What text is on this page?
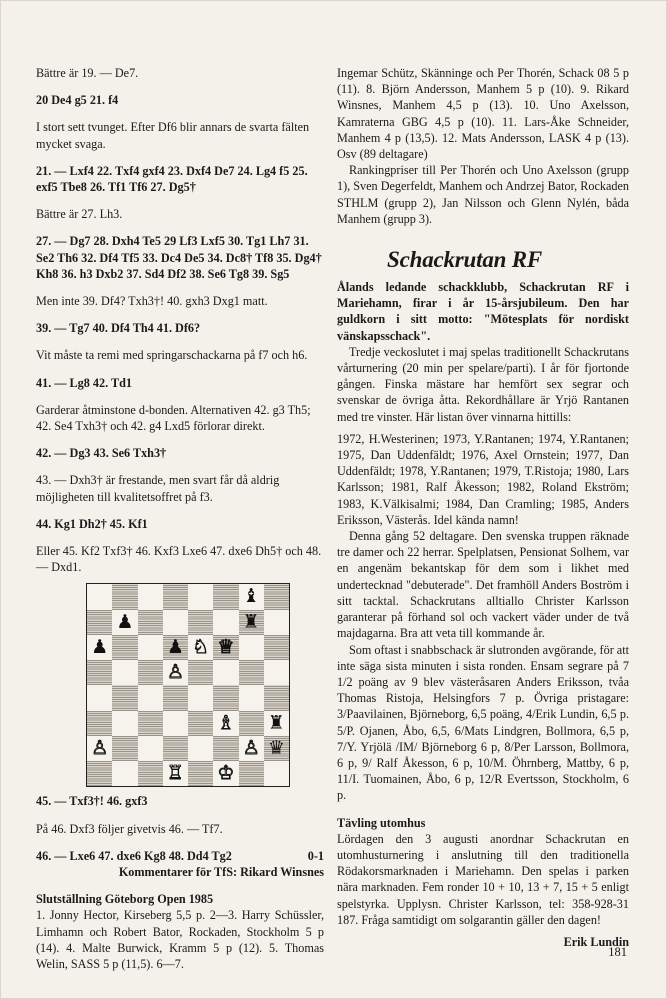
Bättre är 19. — De7.

20 De4 g5 21. f4

I stort sett tvunget. Efter Df6 blir annars de svarta fälten mycket svaga.

21. — Lxf4 22. Txf4 gxf4 23. Dxf4 De7 24. Lg4 f5 25. exf5 Tbe8 26. Tf1 Tf6 27. Dg5†

Bättre är 27. Lh3.

27. — Dg7 28. Dxh4 Te5 29 Lf3 Lxf5 30. Tg1 Lh7 31. Se2 Th6 32. Df4 Tf5 33. Dc4 De5 34. Dc8† Tf8 35. Dg4† Kh8 36. h3 Dxb2 37. Sd4 Df2 38. Se6 Tg8 39. Sg5

Men inte 39. Df4? Txh3†! 40. gxh3 Dxg1 matt.

39. — Tg7 40. Df4 Th4 41. Df6?

Vit måste ta remi med springarschackarna på f7 och h6.

41. — Lg8 42. Td1

Garderar åtminstone d-bonden. Alternativen 42. g3 Th5; 42. Se4 Txh3† och 42. g4 Lxd5 förlorar direkt.

42. — Dg3 43. Se6 Txh3†

43. — Dxh3† är frestande, men svart får då aldrig möjligheten till kvalitetsoffret på f3.

44. Kg1 Dh2† 45. Kf1

Eller 45. Kf2 Txf3† 46. Kxf3 Lxe6 47. dxe6 Dh5† och 48. — Dxd1.

♝
♟	♜
♟	♟ ♘ ♕
♙
♗ ♜
♙	♙ ♛
♖ ♔

45. — Txf3†! 46. gxf3

På 46. Dxf3 följer givetvis 46. — Tf7.

46. — Lxe6 47. dxe6 Kg8 48. Dd4 Tg2	0-1

Kommentarer för TfS: Rikard Winsnes

Slutställning Göteborg Open 1985

1. Jonny Hector, Kirseberg 5,5 p. 2—3. Harry Schüssler, Limhamn och Robert Bator, Rockaden, Stockholm 5 p (14). 4. Malte Burwick, Kramm 5 p (12). 5. Thomas Welin, SASS 5 p (11,5). 6—7.

Ingemar Schütz, Skänninge och Per Thorén, Schack 08 5 p (11). 8. Björn Andersson, Manhem 5 p (10). 9. Rikard Winsnes, Manhem 4,5 p (13). 10. Uno Axelsson, Kamraterna GBG 4,5 p (10). 11. Lars-Åke Schneider, Manhem 4 p (13,5). 12. Mats Andersson, LASK 4 p (13). Osv (89 deltagare)

Rankingpriser till Per Thorén och Uno Axelsson (grupp 1), Sven Degerfeldt, Manhem och Andrzej Bator, Rockaden STHLM (grupp 2), Jan Nilsson och Glenn Nylén, båda Manhem (grupp 3).

Schackrutan RF

Ålands ledande schackklubb, Schackrutan RF i Mariehamn, firar i år 15-årsjubileum. Den har guldkorn i sitt motto: "Mötesplats för nordiskt vänskapsschack".

Tredje veckoslutet i maj spelas traditionellt Schackrutans vårturnering (20 min per spelare/parti). I år för fjortonde gången. Finska mästare har hemfört sex segrar och svenskar de övriga åtta. Rekordhållare är Yrjö Rantanen med tre vinster. Här listan över vinnarna hittills:

1972, H.Westerinen; 1973, Y.Rantanen; 1974, Y.Rantanen; 1975, Dan Uddenfäldt; 1976, Axel Ornstein; 1977, Dan Uddenfäldt; 1978, Y.Rantanen; 1979, T.Ristoja; 1980, Lars Karlsson; 1981, Ralf Åkesson; 1982, Roland Ekström; 1983, K.Välkisalmi; 1984, Dan Cramling; 1985, Anders Eriksson, Västerås. Idel kända namn!

Denna gång 52 deltagare. Den svenska truppen räknade tre damer och 22 herrar. Spelplatsen, Pensionat Solhem, var en angenäm bekantskap för dem som i likhet med undertecknad "debuterade". Det framhöll Anders Boström i sitt tacktal. Schackrutans alltiallo Christer Karlsson garanterar på förhand sol och vackert väder under de två majdagarna. Bra att veta till kommande år.

Som oftast i snabbschack är slutronden avgörande, för att inte säga sista minuten i sista ronden. Ensam segrare på 7 1/2 poäng av 9 blev västeråsaren Anders Eriksson, tvåa Thomas Ristoja, Helsingfors 7 p. Övriga pristagare: 3/Paavilainen, Björneborg, 6,5 poäng, 4/Erik Lundin, 6,5 p. 5/P. Ojanen, Åbo, 6,5, 6/Mats Lindgren, Bollmora, 6,5 p, 7/Y. Yrjölä /IM/ Björneborg 6 p, 8/Per Larsson, Bollmora, 6 p, 9/ Ralf Åkesson, 6 p, 10/M. Öhrnberg, Mattby, 6 p, 11/I. Tuomainen, Åbo, 6 p, 12/R Evertsson, Stockholm, 6 p.

Tävling utomhus

Lördagen den 3 augusti anordnar Schackrutan en utomhusturnering i anslutning till den traditionella Rödakorsmarknaden i Mariehamn. Den spelas i parken nära marknaden. Fem ronder 10 + 10, 13 + 7, 15 + 5 enligt spelstyrka. Upplysn. Christer Karlsson, tel: 358-928-31 187. Fråga samtidigt om solgarantin gäller den dagen!

Erik Lundin

181
